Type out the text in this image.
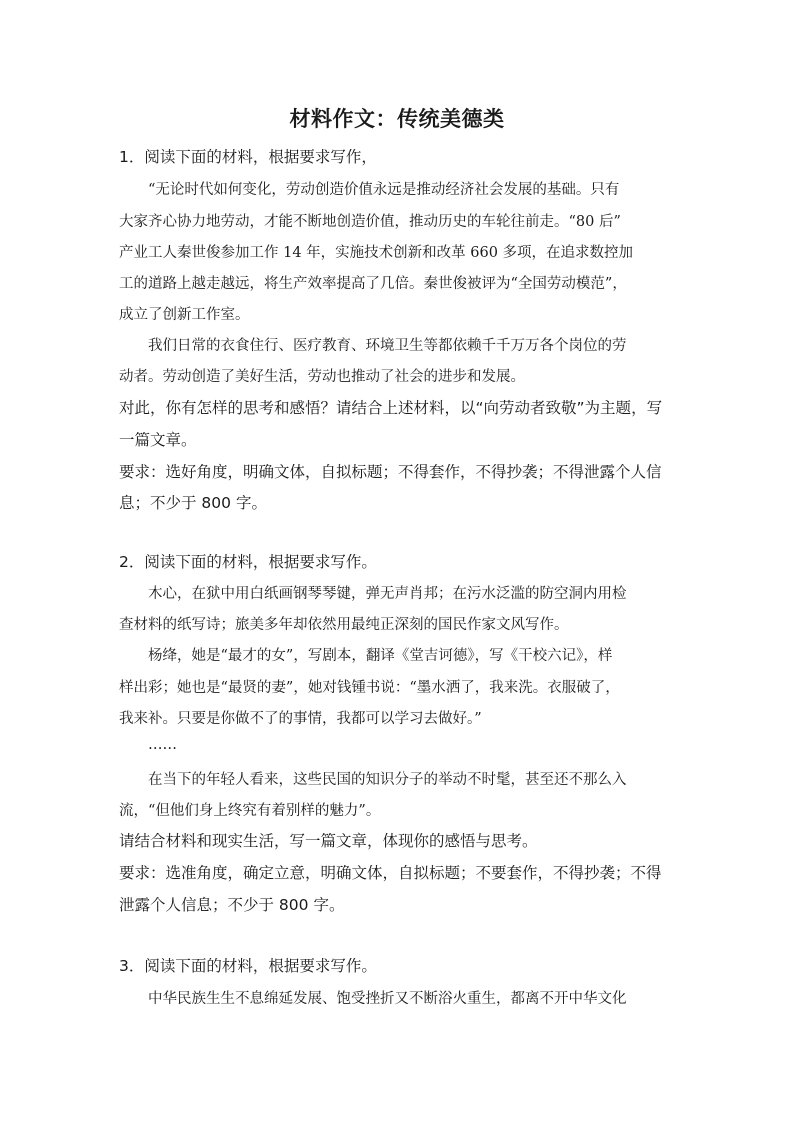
材料作文：传统美德类
1．阅读下面的材料，根据要求写作，
“无论时代如何变化，劳动创造价值永远是推动经济社会发展的基础。只有
大家齐心协力地劳动，才能不断地创造价值，推动历史的车轮往前走。“80 后”
产业工人秦世俊参加工作 14 年，实施技术创新和改革 660 多项，在追求数控加
工的道路上越走越远，将生产效率提高了几倍。秦世俊被评为“全国劳动模范”，
成立了创新工作室。
我们日常的衣食住行、医疗教育、环境卫生等都依赖千千万万各个岗位的劳
动者。劳动创造了美好生活，劳动也推动了社会的进步和发展。
对此，你有怎样的思考和感悟？请结合上述材料，以“向劳动者致敬”为主题，写
一篇文章。
要求：选好角度，明确文体，自拟标题；不得套作，不得抄袭；不得泄露个人信
息；不少于 800 字。
2．阅读下面的材料，根据要求写作。
木心，在狱中用白纸画钢琴琴键，弹无声肖邦；在污水泛滥的防空洞内用检
查材料的纸写诗；旅美多年却依然用最纯正深刻的国民作家文风写作。
杨绛，她是“最才的女”，写剧本，翻译《堂吉诃德》，写《干校六记》，样
样出彩；她也是“最贤的妻”，她对钱锺书说：“墨水洒了，我来洗。衣服破了，
我来补。只要是你做不了的事情，我都可以学习去做好。”
……
在当下的年轻人看来，这些民国的知识分子的举动不时髦，甚至还不那么入
流，“但他们身上终究有着别样的魅力”。
请结合材料和现实生活，写一篇文章，体现你的感悟与思考。
要求：选准角度，确定立意，明确文体，自拟标题；不要套作，不得抄袭；不得
泄露个人信息；不少于 800 字。
3．阅读下面的材料，根据要求写作。
中华民族生生不息绵延发展、饱受挫折又不断浴火重生，都离不开中华文化
